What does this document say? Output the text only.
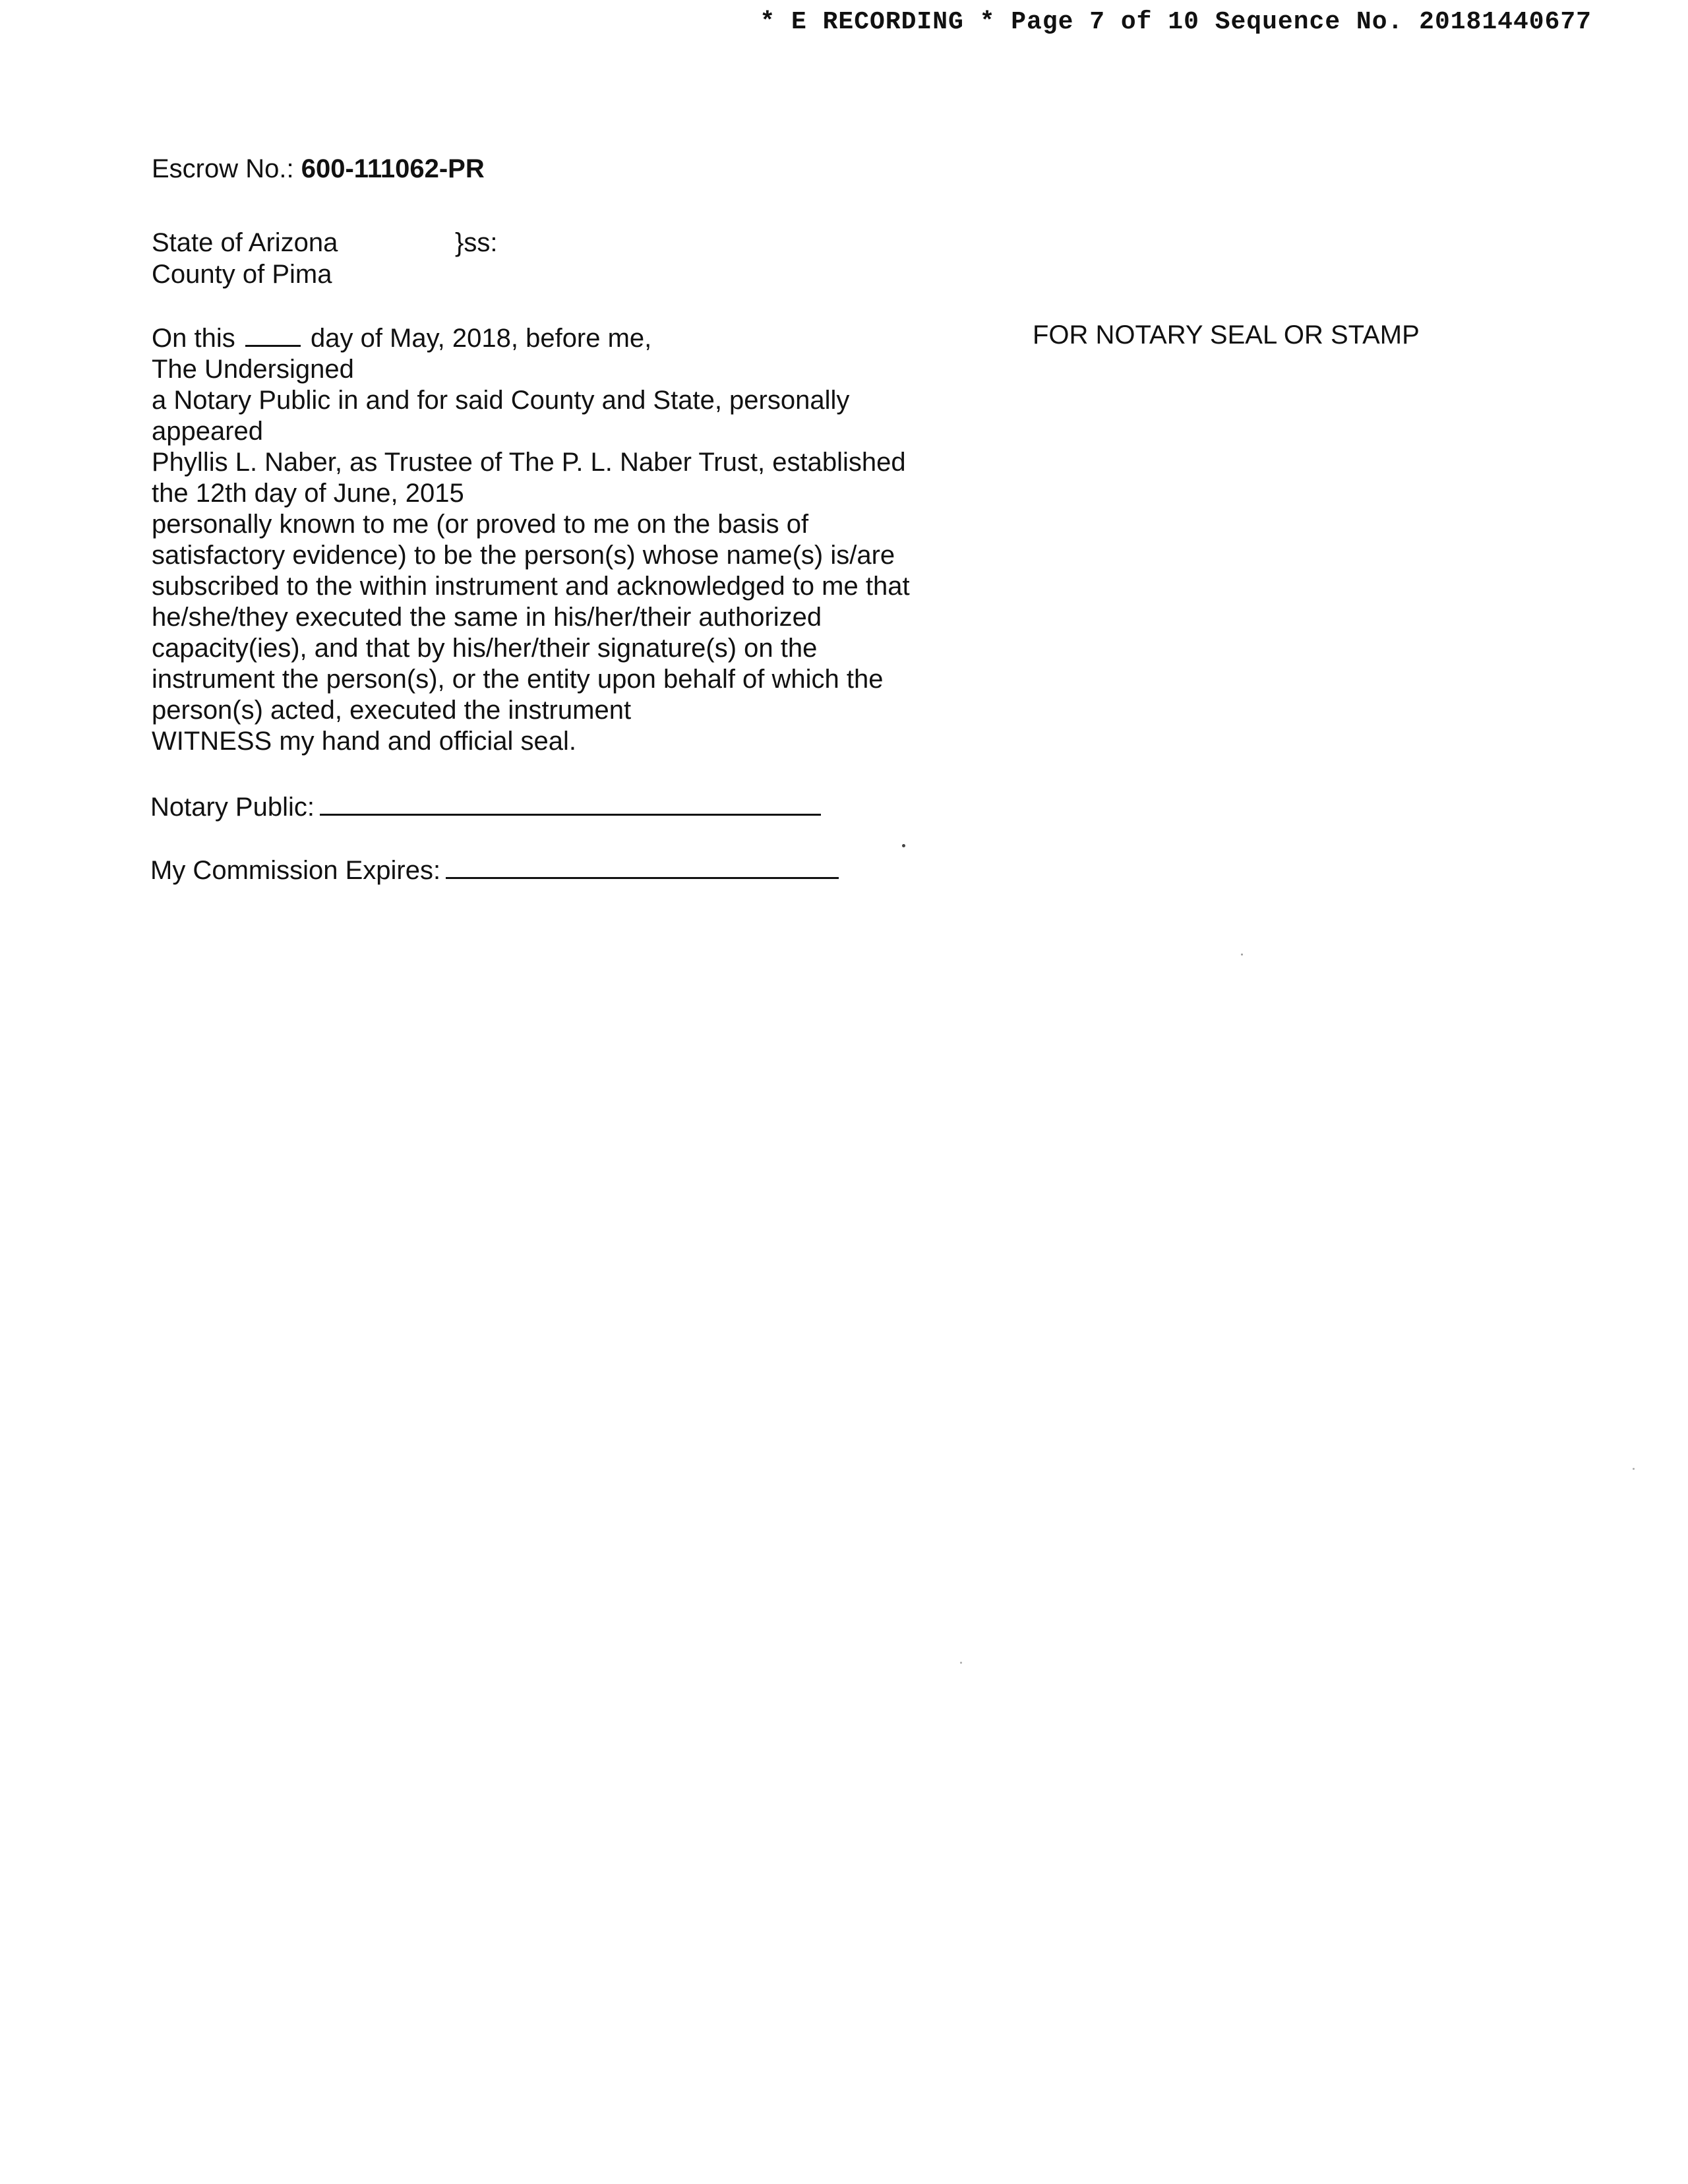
* E RECORDING * Page 7 of 10 Sequence No. 20181440677
Escrow No.: 600-111062-PR
State of Arizona	}ss:
County of Pima
On this	day of May, 2018, before me,
The Undersigned
a Notary Public in and for said County and State, personally
appeared
Phyllis L. Naber, as Trustee of The P. L. Naber Trust, established
the 12th day of June, 2015
personally known to me (or proved to me on the basis of
satisfactory evidence) to be the person(s) whose name(s) is/are
subscribed to the within instrument and acknowledged to me that
he/she/they executed the same in his/her/their authorized
capacity(ies), and that by his/her/their signature(s) on the
instrument the person(s), or the entity upon behalf of which the
person(s) acted, executed the instrument
WITNESS my hand and official seal.
FOR NOTARY SEAL OR STAMP
Notary Public:
My Commission Expires:
